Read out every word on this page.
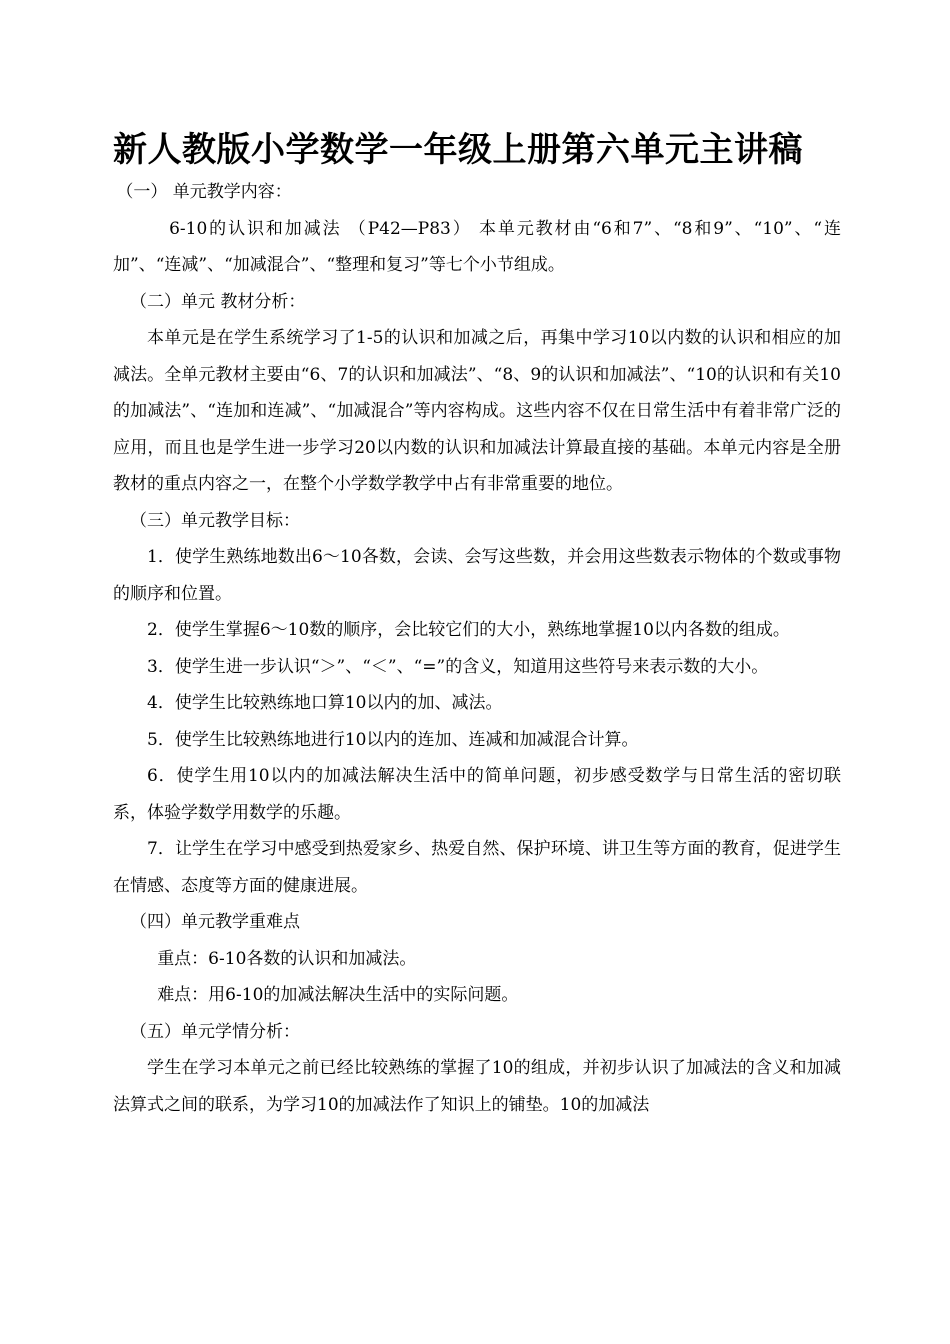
新人教版小学数学一年级上册第六单元主讲稿

（一） 单元教学内容：

6-10的认识和加减法 （P42—P83） 本单元教材由“6和7”、“8和9”、“10”、“连加”、“连减”、“加减混合”、“整理和复习”等七个小节组成。

（二）单元 教材分析：

本单元是在学生系统学习了1-5的认识和加减之后，再集中学习10以内数的认识和相应的加减法。全单元教材主要由“6、7的认识和加减法”、“8、9的认识和加减法”、“10的认识和有关10的加减法”、“连加和连减”、“加减混合”等内容构成。这些内容不仅在日常生活中有着非常广泛的应用，而且也是学生进一步学习20以内数的认识和加减法计算最直接的基础。本单元内容是全册教材的重点内容之一，在整个小学数学教学中占有非常重要的地位。

（三）单元教学目标：

1．使学生熟练地数出6～10各数，会读、会写这些数，并会用这些数表示物体的个数或事物的顺序和位置。

2．使学生掌握6～10数的顺序，会比较它们的大小，熟练地掌握10以内各数的组成。

3．使学生进一步认识“＞”、“＜”、“=”的含义，知道用这些符号来表示数的大小。

4．使学生比较熟练地口算10以内的加、减法。

5．使学生比较熟练地进行10以内的连加、连减和加减混合计算。

6．使学生用10以内的加减法解决生活中的简单问题，初步感受数学与日常生活的密切联系，体验学数学用数学的乐趣。

7．让学生在学习中感受到热爱家乡、热爱自然、保护环境、讲卫生等方面的教育，促进学生在情感、态度等方面的健康进展。

（四）单元教学重难点

重点：6-10各数的认识和加减法。

难点：用6-10的加减法解决生活中的实际问题。

（五）单元学情分析：

学生在学习本单元之前已经比较熟练的掌握了10的组成，并初步认识了加减法的含义和加减法算式之间的联系，为学习10的加减法作了知识上的铺垫。10的加减法
